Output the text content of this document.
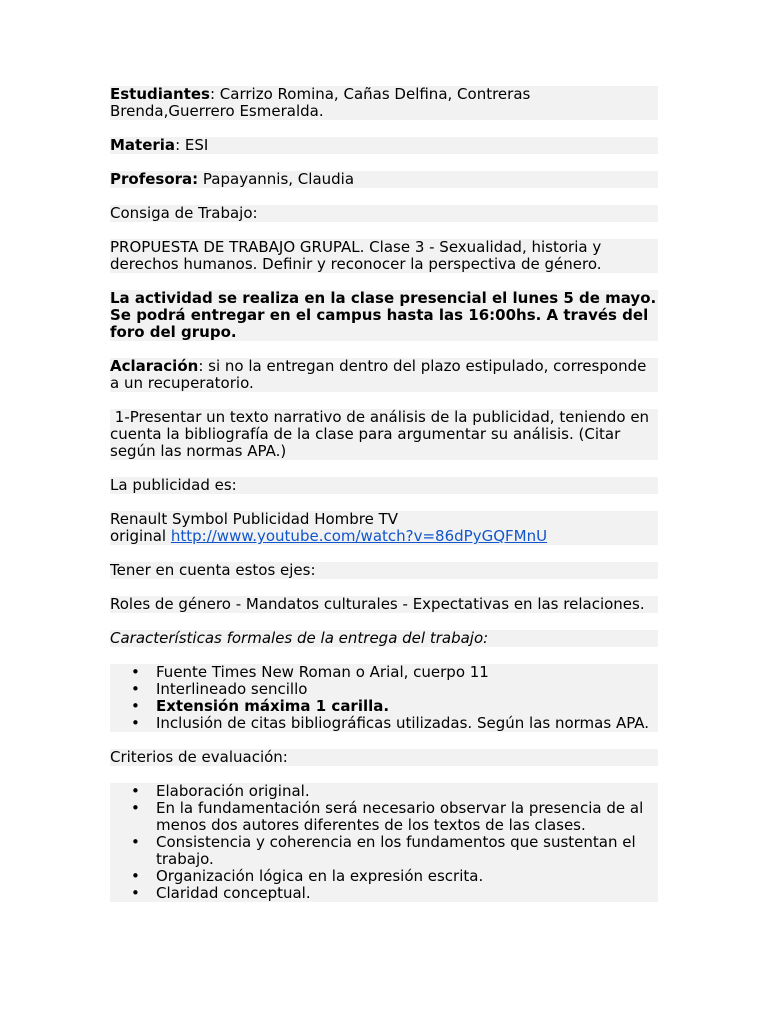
Estudiantes: Carrizo Romina, Cañas Delfina, Contreras Brenda,Guerrero Esmeralda.
Materia: ESI
Profesora: Papayannis, Claudia
Consiga de Trabajo:
PROPUESTA DE TRABAJO GRUPAL. Clase 3 - Sexualidad, historia y derechos humanos. Definir y reconocer la perspectiva de género.
La actividad se realiza en la clase presencial el lunes 5 de mayo. Se podrá entregar en el campus hasta las 16:00hs. A través del foro del grupo.
Aclaración: si no la entregan dentro del plazo estipulado, corresponde a un recuperatorio.
1-Presentar un texto narrativo de análisis de la publicidad, teniendo en cuenta la bibliografía de la clase para argumentar su análisis. (Citar según las normas APA.)
La publicidad es:
Renault Symbol Publicidad Hombre TV
original http://www.youtube.com/watch?v=86dPyGQFMnU
Tener en cuenta estos ejes:
Roles de género - Mandatos culturales - Expectativas en las relaciones.
Características formales de la entrega del trabajo:
• Fuente Times New Roman o Arial, cuerpo 11
• Interlineado sencillo
• Extensión máxima 1 carilla.
• Inclusión de citas bibliográficas utilizadas. Según las normas APA.
Criterios de evaluación:
• Elaboración original.
• En la fundamentación será necesario observar la presencia de al menos dos autores diferentes de los textos de las clases.
• Consistencia y coherencia en los fundamentos que sustentan el trabajo.
• Organización lógica en la expresión escrita.
• Claridad conceptual.
